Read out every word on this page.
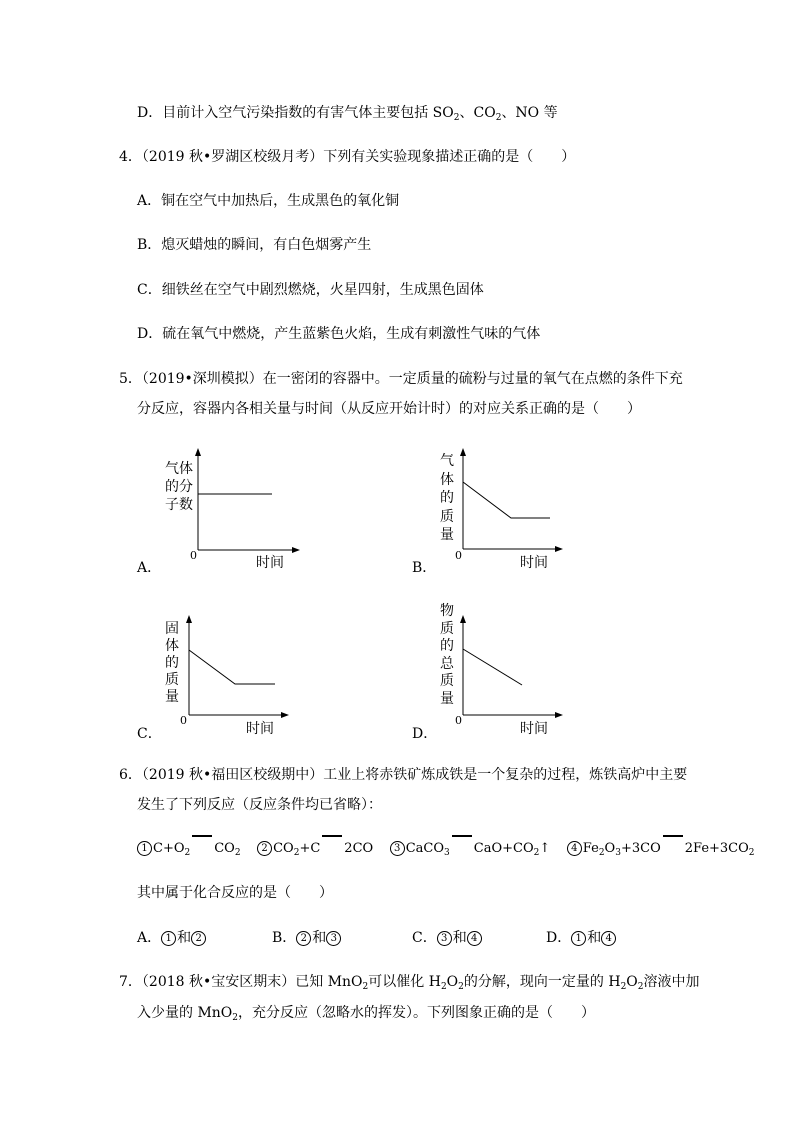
D．目前计入空气污染指数的有害气体主要包括 $SO_2$、$CO_2$、NO 等
4．（2019 秋•罗湖区校级月考）下列有关实验现象描述正确的是（　　）
A．铜在空气中加热后，生成黑色的氧化铜
B．熄灭蜡烛的瞬间，有白色烟雾产生
C．细铁丝在空气中剧烈燃烧，火星四射，生成黑色固体
D．硫在氧气中燃烧，产生蓝紫色火焰，生成有刺激性气味的气体
5．（2019•深圳模拟）在一密闭的容器中。一定质量的硫粉与过量的氧气在点燃的条件下充
分反应，容器内各相关量与时间（从反应开始计时）的对应关系正确的是（　　）
气体
的分
子数
0	时间
A．
气
体
的
质
量
0	时间
B．
固
体
的
质
量
0
时间
C．
物
质
的
总
质
量
0
时间
D．
6．（2019 秋•福田区校级期中）工业上将赤铁矿炼成铁是一个复杂的过程，炼铁高炉中主要
发生了下列反应（反应条件均已省略）：
1 $C+O_2$ $CO_2$ 2 $CO_2+C$ 2CO 3 CaCO$_3$ $CaO+CO_2↑$ 4 $Fe_2O_3+3CO$ $2Fe+3CO_2$
其中属于化合反应的是（　　）
A． 1 和 2	B． 2 和 3	C． 3 和 4	D． 1 和 4
7．（2018 秋•宝安区期末）已知 MnO$_2$可以催化 $H_2O_2$的分解，现向一定量的 $H_2O_2$溶液中加
入少量的 MnO$_2$，充分反应（忽略水的挥发）。下列图象正确的是（　　）
